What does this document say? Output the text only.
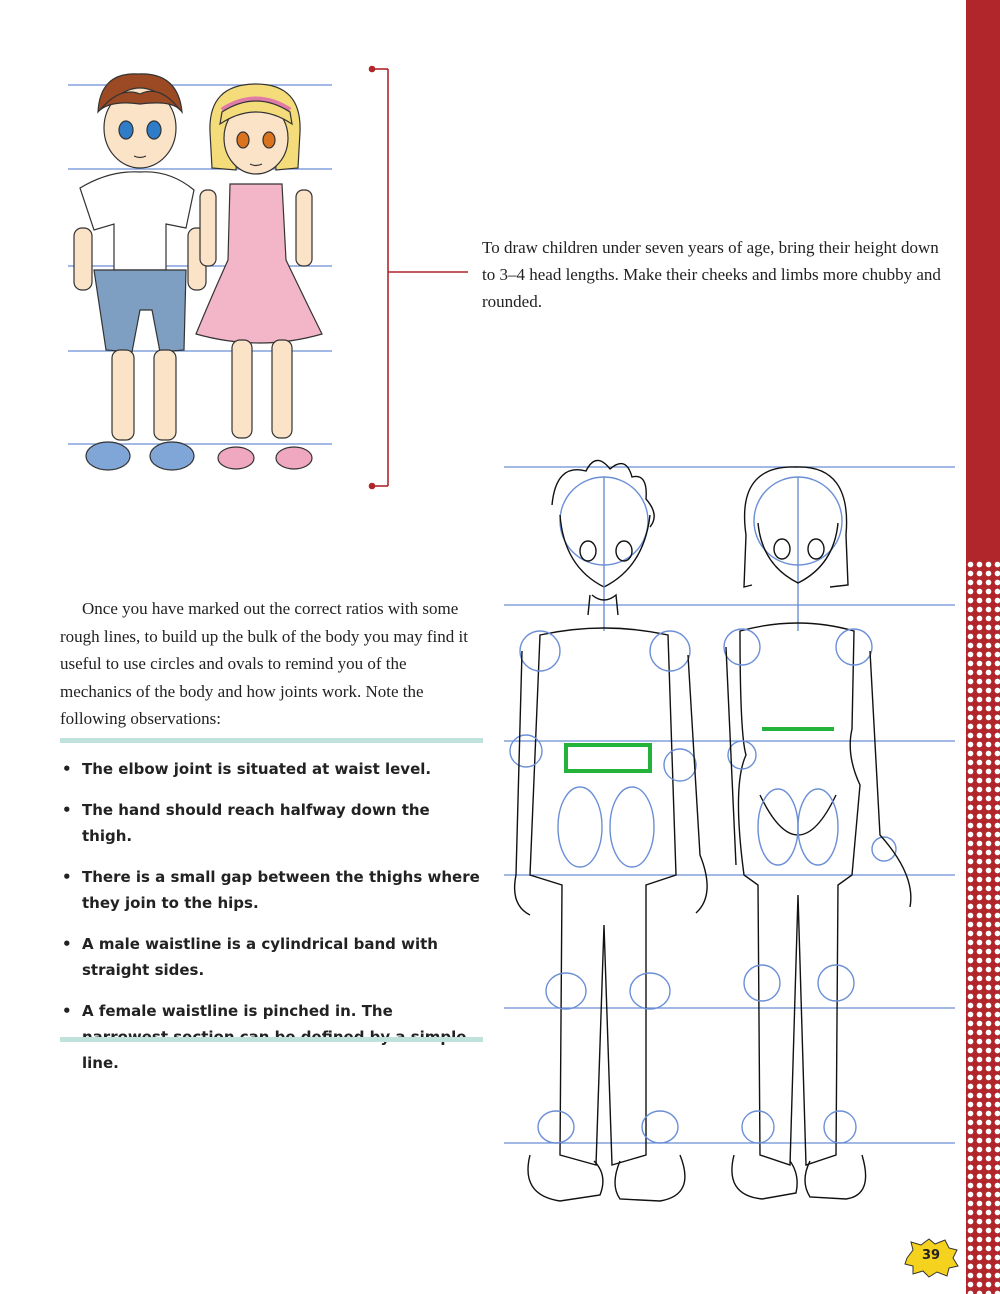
To draw children under seven years of age, bring their height down to 3–4 head lengths. Make their cheeks and limbs more chubby and rounded.

Once you have marked out the correct ratios with some rough lines, to build up the bulk of the body you may find it useful to use circles and ovals to remind you of the mechanics of the body and how joints work. Note the following observations:

• The elbow joint is situated at waist level.
• The hand should reach halfway down the thigh.
• There is a small gap between the thighs where they join to the hips.
• A male waistline is a cylindrical band with straight sides.
• A female waistline is pinched in. The line.
39
